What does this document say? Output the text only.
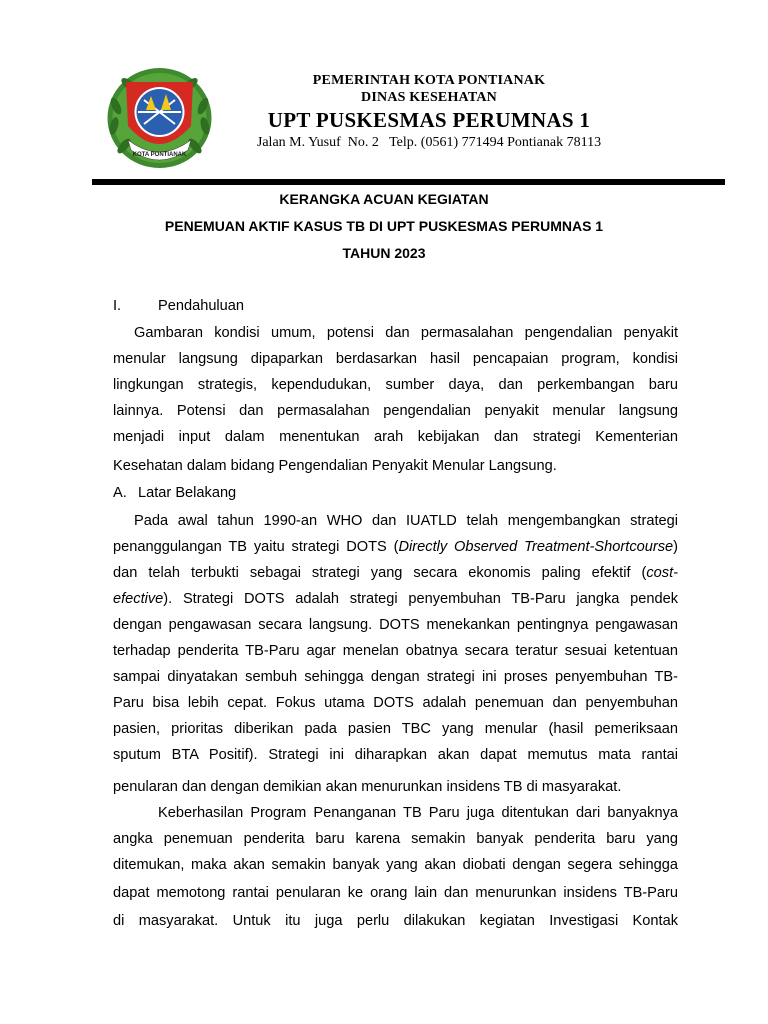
KOTA PONTIANAK
PEMERINTAH KOTA PONTIANAK
DINAS KESEHATAN
UPT PUSKESMAS PERUMNAS 1
Jalan M. Yusuf  No. 2   Telp. (0561) 771494 Pontianak 78113
KERANGKA ACUAN KEGIATAN
PENEMUAN AKTIF KASUS TB DI UPT PUSKESMAS PERUMNAS 1
TAHUN 2023
I.	Pendahuluan
Gambaran kondisi umum, potensi dan permasalahan pengendalian penyakit
menular langsung dipaparkan berdasarkan hasil pencapaian program, kondisi
lingkungan strategis, kependudukan, sumber daya, dan perkembangan baru
lainnya. Potensi dan permasalahan pengendalian penyakit menular langsung
menjadi input dalam menentukan arah kebijakan dan strategi Kementerian
Kesehatan dalam bidang Pengendalian Penyakit Menular Langsung.
A. Latar Belakang
Pada awal tahun 1990-an WHO dan IUATLD telah mengembangkan strategi
penanggulangan TB yaitu strategi DOTS (Directly Observed Treatment-Shortcourse)
dan telah terbukti sebagai strategi yang secara ekonomis paling efektif (cost-
efective). Strategi DOTS adalah strategi penyembuhan TB-Paru jangka pendek
dengan pengawasan secara langsung. DOTS menekankan pentingnya pengawasan
terhadap penderita TB-Paru agar menelan obatnya secara teratur sesuai ketentuan
sampai dinyatakan sembuh sehingga dengan strategi ini proses penyembuhan TB-
Paru bisa lebih cepat. Fokus utama DOTS adalah penemuan dan penyembuhan
pasien, prioritas diberikan pada pasien TBC yang menular (hasil pemeriksaan
sputum BTA Positif). Strategi ini diharapkan akan dapat memutus mata rantai
penularan dan dengan demikian akan menurunkan insidens TB di masyarakat.
Keberhasilan Program Penanganan TB Paru juga ditentukan dari banyaknya
angka penemuan penderita baru karena semakin banyak penderita baru yang
ditemukan, maka akan semakin banyak yang akan diobati dengan segera sehingga
dapat memotong rantai penularan ke orang lain dan menurunkan insidens TB-Paru
di masyarakat. Untuk itu juga perlu dilakukan kegiatan Investigasi Kontak
